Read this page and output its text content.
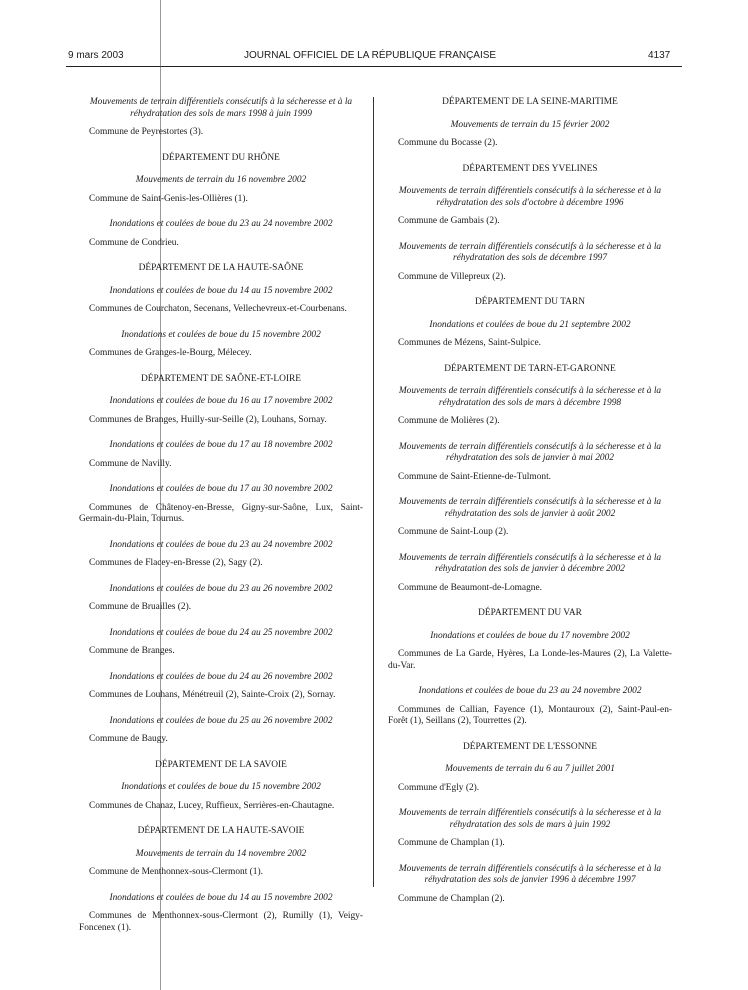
9 mars 2003	JOURNAL OFFICIEL DE LA RÉPUBLIQUE FRANÇAISE	4137
Mouvements de terrain différentiels consécutifs à la sécheresse et à la réhydratation des sols de mars 1998 à juin 1999
Commune de Peyrestortes (3).
DÉPARTEMENT DU RHÔNE
Mouvements de terrain du 16 novembre 2002
Commune de Saint-Genis-les-Ollières (1).
Inondations et coulées de boue du 23 au 24 novembre 2002
Commune de Condrieu.
DÉPARTEMENT DE LA HAUTE-SAÔNE
Inondations et coulées de boue du 14 au 15 novembre 2002
Communes de Courchaton, Secenans, Vellechevreux-et-Courbenans.
Inondations et coulées de boue du 15 novembre 2002
Communes de Granges-le-Bourg, Mélecey.
DÉPARTEMENT DE SAÔNE-ET-LOIRE
Inondations et coulées de boue du 16 au 17 novembre 2002
Communes de Branges, Huilly-sur-Seille (2), Louhans, Sornay.
Inondations et coulées de boue du 17 au 18 novembre 2002
Commune de Navilly.
Inondations et coulées de boue du 17 au 30 novembre 2002
Communes de Châtenoy-en-Bresse, Gigny-sur-Saône, Lux, Saint-Germain-du-Plain, Tournus.
Inondations et coulées de boue du 23 au 24 novembre 2002
Communes de Flacey-en-Bresse (2), Sagy (2).
Inondations et coulées de boue du 23 au 26 novembre 2002
Commune de Bruailles (2).
Inondations et coulées de boue du 24 au 25 novembre 2002
Commune de Branges.
Inondations et coulées de boue du 24 au 26 novembre 2002
Communes de Louhans, Ménétreuil (2), Sainte-Croix (2), Sornay.
Inondations et coulées de boue du 25 au 26 novembre 2002
Commune de Baugy.
DÉPARTEMENT DE LA SAVOIE
Inondations et coulées de boue du 15 novembre 2002
Communes de Chanaz, Lucey, Ruffieux, Serrières-en-Chautagne.
DÉPARTEMENT DE LA HAUTE-SAVOIE
Mouvements de terrain du 14 novembre 2002
Commune de Menthonnex-sous-Clermont (1).
Inondations et coulées de boue du 14 au 15 novembre 2002
Communes de Menthonnex-sous-Clermont (2), Rumilly (1), Veigy-Foncenex (1).
DÉPARTEMENT DE LA SEINE-MARITIME
Mouvements de terrain du 15 février 2002
Commune du Bocasse (2).
DÉPARTEMENT DES YVELINES
Mouvements de terrain différentiels consécutifs à la sécheresse et à la réhydratation des sols d'octobre à décembre 1996
Commune de Gambais (2).
Mouvements de terrain différentiels consécutifs à la sécheresse et à la réhydratation des sols de décembre 1997
Commune de Villepreux (2).
DÉPARTEMENT DU TARN
Inondations et coulées de boue du 21 septembre 2002
Communes de Mézens, Saint-Sulpice.
DÉPARTEMENT DE TARN-ET-GARONNE
Mouvements de terrain différentiels consécutifs à la sécheresse et à la réhydratation des sols de mars à décembre 1998
Commune de Molières (2).
Mouvements de terrain différentiels consécutifs à la sécheresse et à la réhydratation des sols de janvier à mai 2002
Commune de Saint-Etienne-de-Tulmont.
Mouvements de terrain différentiels consécutifs à la sécheresse et à la réhydratation des sols de janvier à août 2002
Commune de Saint-Loup (2).
Mouvements de terrain différentiels consécutifs à la sécheresse et à la réhydratation des sols de janvier à décembre 2002
Commune de Beaumont-de-Lomagne.
DÉPARTEMENT DU VAR
Inondations et coulées de boue du 17 novembre 2002
Communes de La Garde, Hyères, La Londe-les-Maures (2), La Valette-du-Var.
Inondations et coulées de boue du 23 au 24 novembre 2002
Communes de Callian, Fayence (1), Montauroux (2), Saint-Paul-en-Forêt (1), Seillans (2), Tourrettes (2).
DÉPARTEMENT DE L'ESSONNE
Mouvements de terrain du 6 au 7 juillet 2001
Commune d'Egly (2).
Mouvements de terrain différentiels consécutifs à la sécheresse et à la réhydratation des sols de mars à juin 1992
Commune de Champlan (1).
Mouvements de terrain différentiels consécutifs à la sécheresse et à la réhydratation des sols de janvier 1996 à décembre 1997
Commune de Champlan (2).
